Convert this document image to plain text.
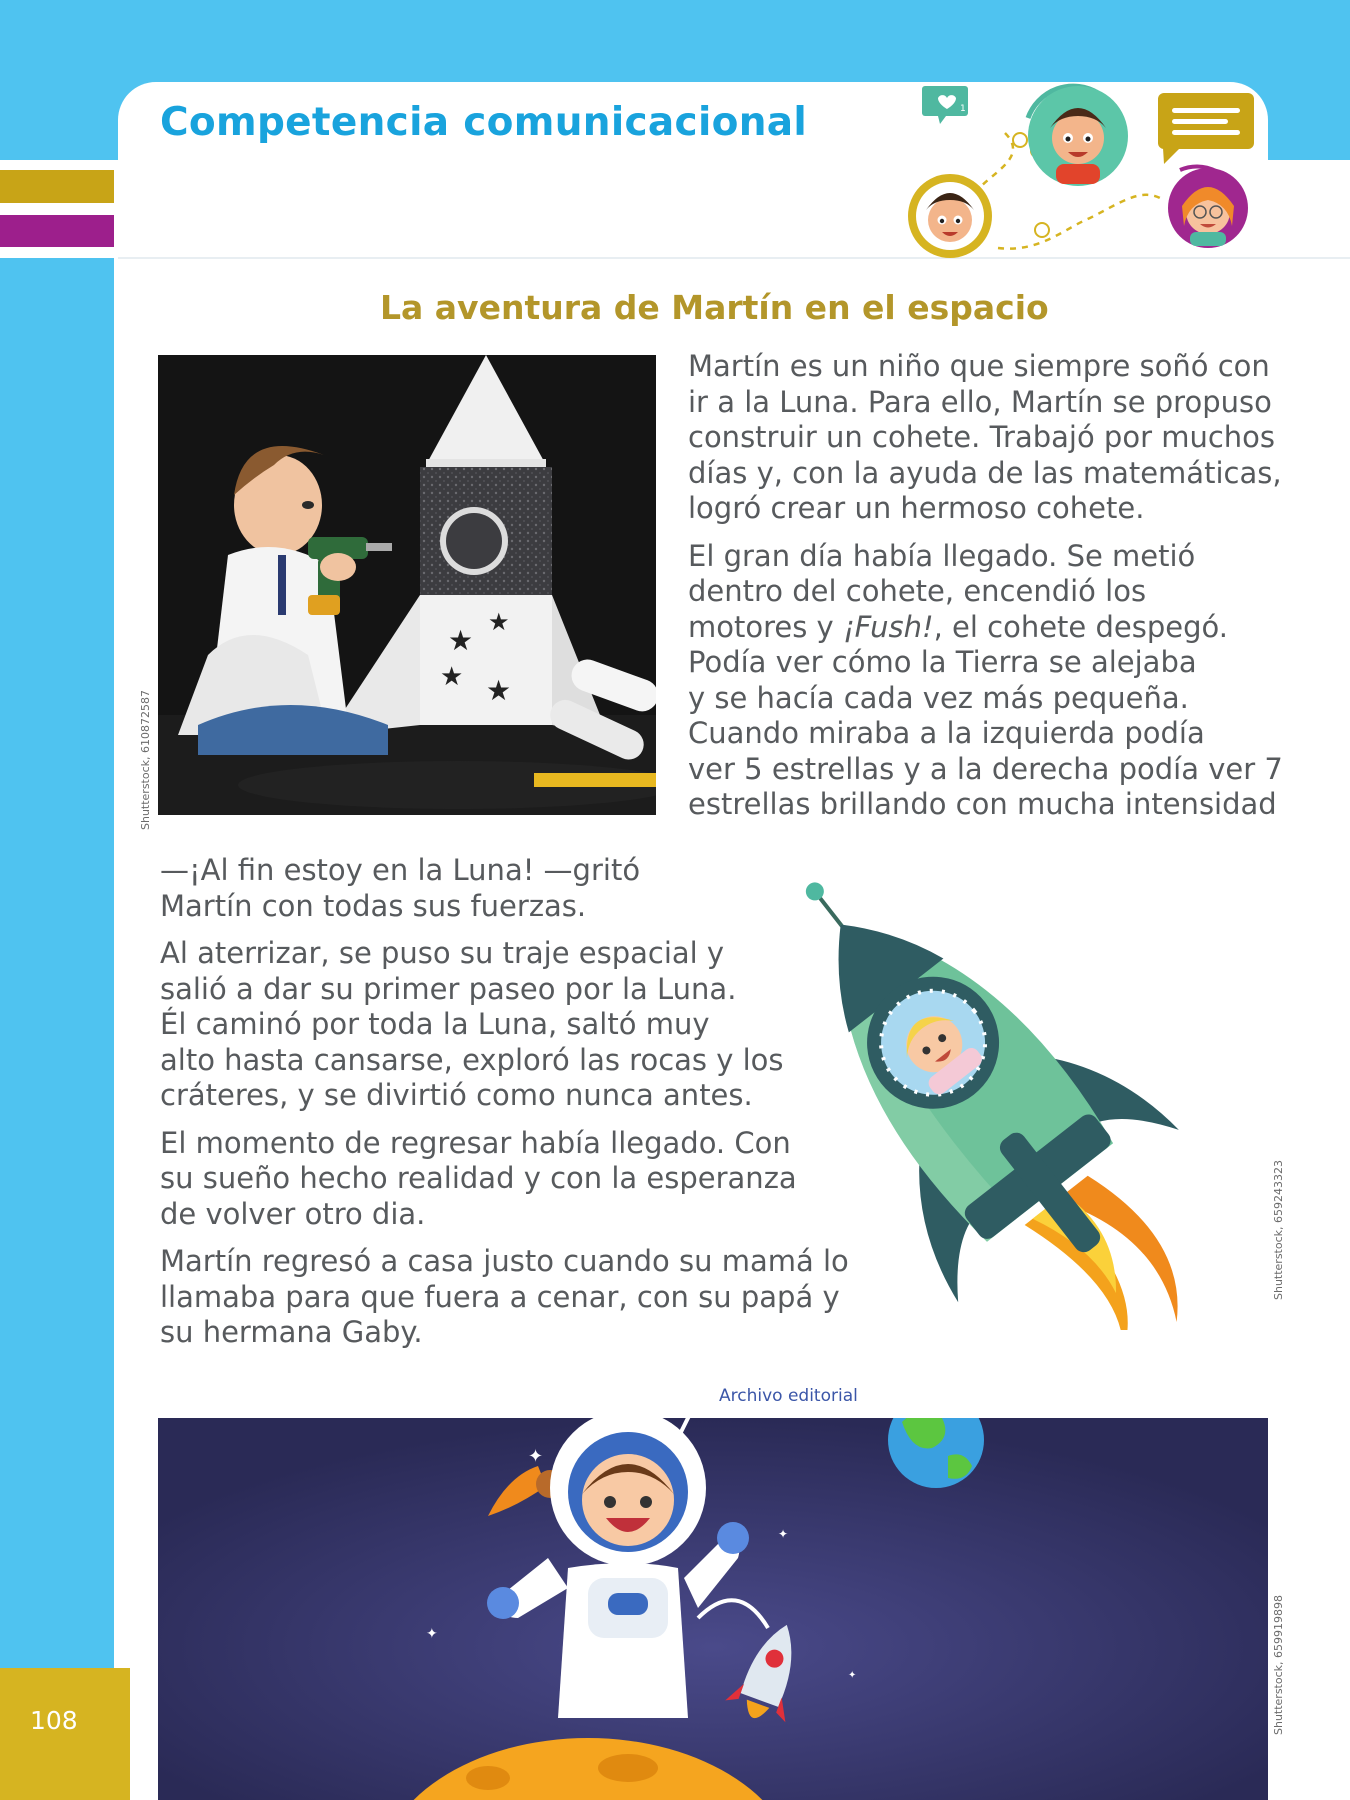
Competencia comunicacional	1
La aventura de Martín en el espacio
★
★
★ ★
Shutterstock, 610872587

Martín es un niño que siempre soñó con
ir a la Luna. Para ello, Martín se propuso
construir un cohete. Trabajó por muchos
días y, con la ayuda de las matemáticas,
logró crear un hermoso cohete.

El gran día había llegado. Se metió
dentro del cohete, encendió los
motores y ¡Fush!, el cohete despegó.
Podía ver cómo la Tierra se alejaba
y se hacía cada vez más pequeña.
Cuando miraba a la izquierda podía
ver 5 estrellas y a la derecha podía ver 7
estrellas brillando con mucha intensidad

—¡Al fin estoy en la Luna! —gritó
Martín con todas sus fuerzas.

Al aterrizar, se puso su traje espacial y
salió a dar su primer paseo por la Luna.
Él caminó por toda la Luna, saltó muy
alto hasta cansarse, exploró las rocas y los
cráteres, y se divirtió como nunca antes.

El momento de regresar había llegado. Con
su sueño hecho realidad y con la esperanza
de volver otro dia.

Martín regresó a casa justo cuando su mamá lo
llamaba para que fuera a cenar, con su papá y
su hermana Gaby.

Shutterstock, 659243323
Archivo editorial
✦
✦
✦
✦	Shutterstock, 659919898
108
